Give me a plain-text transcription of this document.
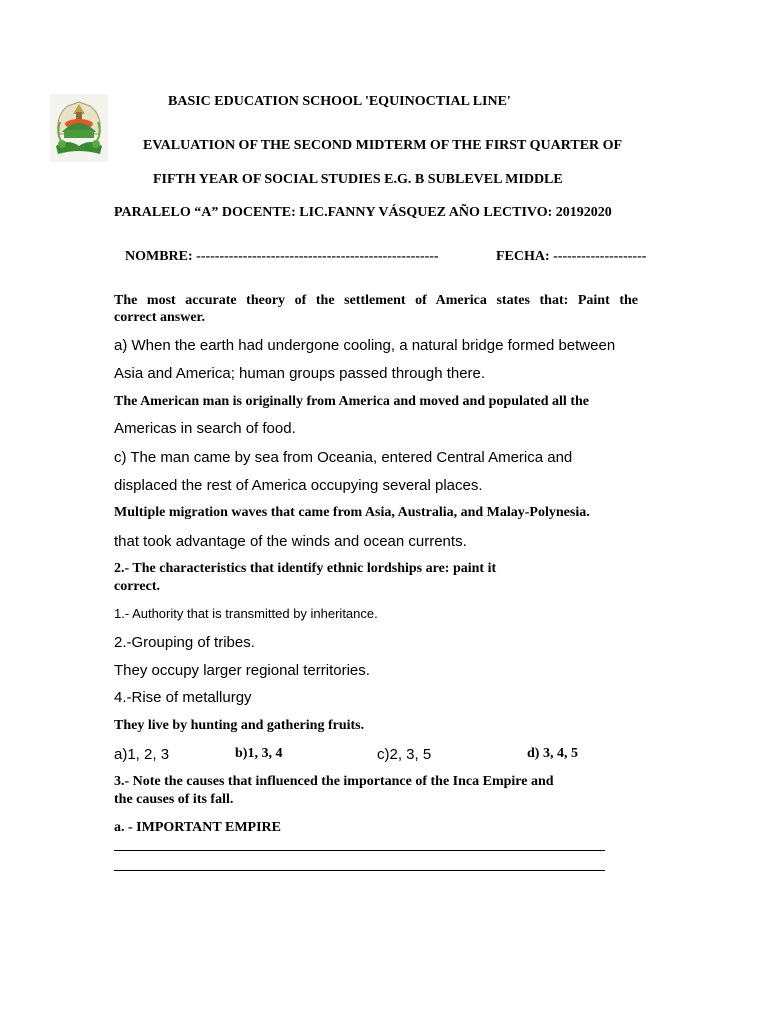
BASIC EDUCATION SCHOOL 'EQUINOCTIAL LINE'
EVALUATION OF THE SECOND MIDTERM OF THE FIRST QUARTER OF
FIFTH YEAR OF SOCIAL STUDIES E.G. B SUBLEVEL MIDDLE
PARALELO “A” DOCENTE: LIC.FANNY VÁSQUEZ AÑO LECTIVO: 20192020
NOMBRE: ----------------------------------------------------	FECHA: --------------------
The most accurate theory of the settlement of America states that: Paint the
correct answer.
a) When the earth had undergone cooling, a natural bridge formed between
Asia and America; human groups passed through there.
The American man is originally from America and moved and populated all the
Americas in search of food.
c) The man came by sea from Oceania, entered Central America and
displaced the rest of America occupying several places.
Multiple migration waves that came from Asia, Australia, and Malay-Polynesia.
that took advantage of the winds and ocean currents.
2.- The characteristics that identify ethnic lordships are: paint it
correct.
1.- Authority that is transmitted by inheritance.
2.-Grouping of tribes.
They occupy larger regional territories.
4.-Rise of metallurgy
They live by hunting and gathering fruits.
a)1, 2, 3	b)1, 3, 4	c)2, 3, 5	d) 3, 4, 5
3.- Note the causes that influenced the importance of the Inca Empire and
the causes of its fall.
a. - IMPORTANT EMPIRE
